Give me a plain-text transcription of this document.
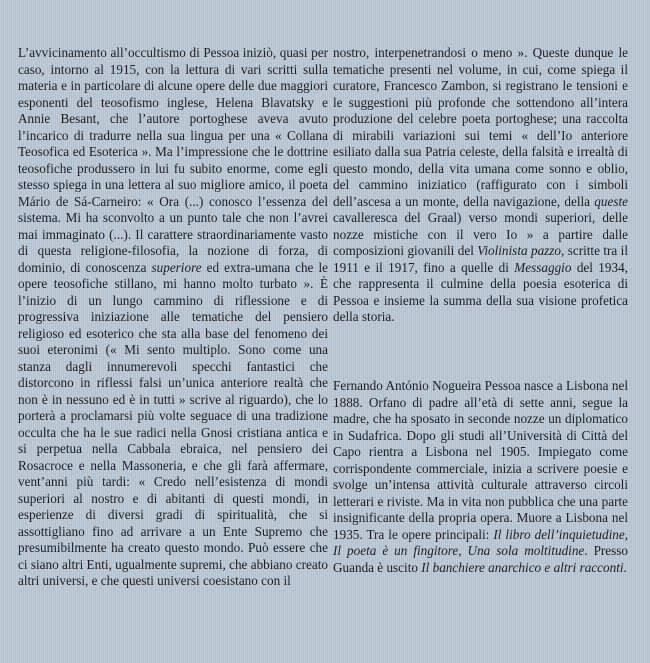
L’avvicinamento all’occultismo di Pessoa iniziò, quasi per caso, intorno al 1915, con la lettura di vari scritti sulla materia e in particolare di alcune opere delle due maggiori esponenti del teosofismo inglese, Helena Blavatsky e Annie Besant, che l’autore portoghese aveva avuto l’incarico di tradurre nella sua lingua per una « Collana Teosofica ed Esoterica ». Ma l’impressione che le dottrine teosofiche produssero in lui fu subito enorme, come egli stesso spiega in una lettera al suo migliore amico, il poeta Mário de Sá-Carneiro: « Ora (...) conosco l’essenza del sistema. Mi ha sconvolto a un punto tale che non l’avrei mai immaginato (...). Il carattere straordinariamente vasto di questa religione-filosofia, la nozione di forza, di dominio, di conoscenza superiore ed extra-umana che le opere teosofiche stillano, mi hanno molto turbato ». È l’inizio di un lungo cammino di riflessione e di progressiva iniziazione alle tematiche del pensiero religioso ed esoterico che sta alla base del fenomeno dei suoi eteronimi (« Mi sento multiplo. Sono come una stanza dagli innumerevoli specchi fantastici che distorcono in riflessi falsi un’unica anteriore realtà che non è in nessuno ed è in tutti » scrive al riguardo), che lo porterà a proclamarsi più volte seguace di una tradizione occulta che ha le sue radici nella Gnosi cristiana antica e si perpetua nella Cabbala ebraica, nel pensiero dei Rosacroce e nella Massoneria, e che gli farà affermare, vent’anni più tardi: « Credo nell’esistenza di mondi superiori al nostro e di abitanti di questi mondi, in esperienze di diversi gradi di spiritualità, che si assottigliano fino ad arrivare a un Ente Supremo che presumibilmente ha creato questo mondo. Può essere che ci siano altri Enti, ugualmente supremi, che abbiano creato altri universi, e che questi universi coesistano con il

nostro, interpenetrandosi o meno ». Queste dunque le tematiche presenti nel volume, in cui, come spiega il curatore, Francesco Zambon, si registrano le tensioni e le suggestioni più profonde che sottendono all’intera produzione del celebre poeta portoghese; una raccolta di mirabili variazioni sui temi « dell’Io anteriore esiliato dalla sua Patria celeste, della falsità e irrealtà di questo mondo, della vita umana come sonno e oblio, del cammino iniziatico (raffigurato con i simboli dell’ascesa a un monte, della navigazione, della queste cavalleresca del Graal) verso mondi superiori, delle nozze mistiche con il vero Io » a partire dalle composizioni giovanili del Violinista pazzo, scritte tra il 1911 e il 1917, fino a quelle di Messaggio del 1934, che rappresenta il culmine della poesia esoterica di Pessoa e insieme la summa della sua visione profetica della storia.

Fernando António Nogueira Pessoa nasce a Lisbona nel 1888. Orfano di padre all’età di sette anni, segue la madre, che ha sposato in seconde nozze un diplomatico in Sudafrica. Dopo gli studi all’Università di Città del Capo rientra a Lisbona nel 1905. Impiegato come corrispondente commerciale, inizia a scrivere poesie e svolge un’intensa attività culturale attraverso circoli letterari e riviste. Ma in vita non pubblica che una parte insignificante della propria opera. Muore a Lisbona nel 1935. Tra le opere principali: Il libro dell’inquietudine, Il poeta è un fingitore, Una sola moltitudine. Presso Guanda è uscito Il banchiere anarchico e altri racconti.
